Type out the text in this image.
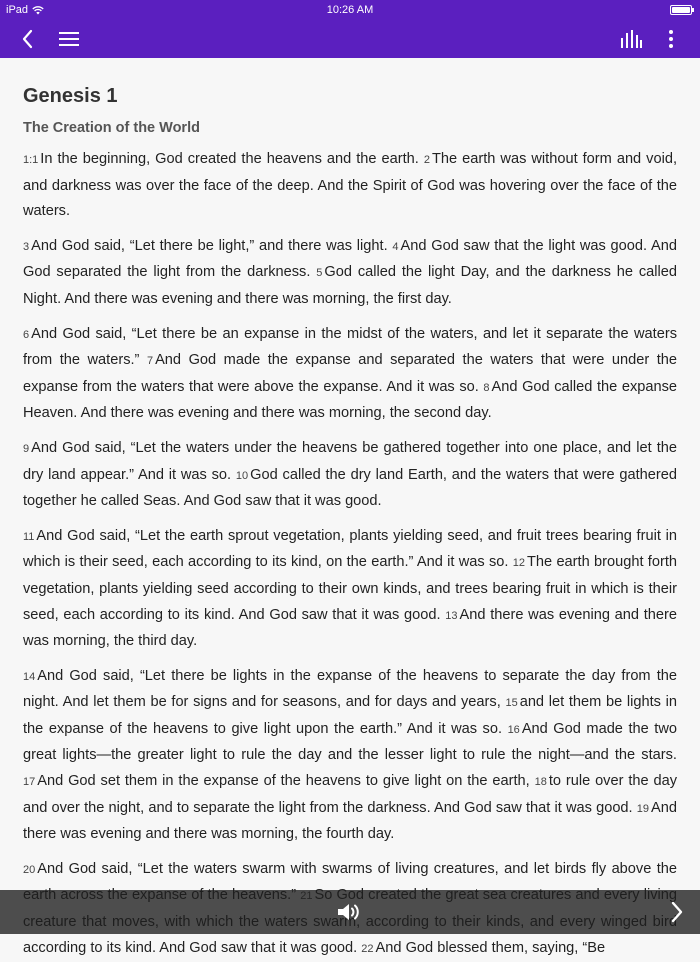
iPad	10:26 AM
Genesis 1
The Creation of the World

1:1 In the beginning, God created the heavens and the earth. 2 The earth was without form and void, and darkness was over the face of the deep. And the Spirit of God was hovering over the face of the waters.

3 And God said, “Let there be light,” and there was light. 4 And God saw that the light was good. And God separated the light from the darkness. 5 God called the light Day, and the darkness he called Night. And there was evening and there was morning, the first day.

6 And God said, “Let there be an expanse in the midst of the waters, and let it separate the waters from the waters.” 7 And God made the expanse and separated the waters that were under the expanse from the waters that were above the expanse. And it was so. 8 And God called the expanse Heaven. And there was evening and there was morning, the second day.

9 And God said, “Let the waters under the heavens be gathered together into one place, and let the dry land appear.” And it was so. 10 God called the dry land Earth, and the waters that were gathered together he called Seas. And God saw that it was good.

11 And God said, “Let the earth sprout vegetation, plants yielding seed, and fruit trees bearing fruit in which is their seed, each according to its kind, on the earth.” And it was so. 12 The earth brought forth vegetation, plants yielding seed according to their own kinds, and trees bearing fruit in which is their seed, each according to its kind. And God saw that it was good. 13 And there was evening and there was morning, the third day.

14 And God said, “Let there be lights in the expanse of the heavens to separate the day from the night. And let them be for signs and for seasons, and for days and years, 15 and let them be lights in the expanse of the heavens to give light upon the earth.” And it was so. 16 And God made the two great lights—the greater light to rule the day and the lesser light to rule the night—and the stars. 17 And God set them in the expanse of the heavens to give light on the earth, 18 to rule over the day and over the night, and to separate the light from the darkness. And God saw that it was good. 19 And there was evening and there was morning, the fourth day.

20 And God said, “Let the waters swarm with swarms of living creatures, and let birds fly above the according to its kind. And God saw that it was good. 22 And God blessed them, saying, “Be
